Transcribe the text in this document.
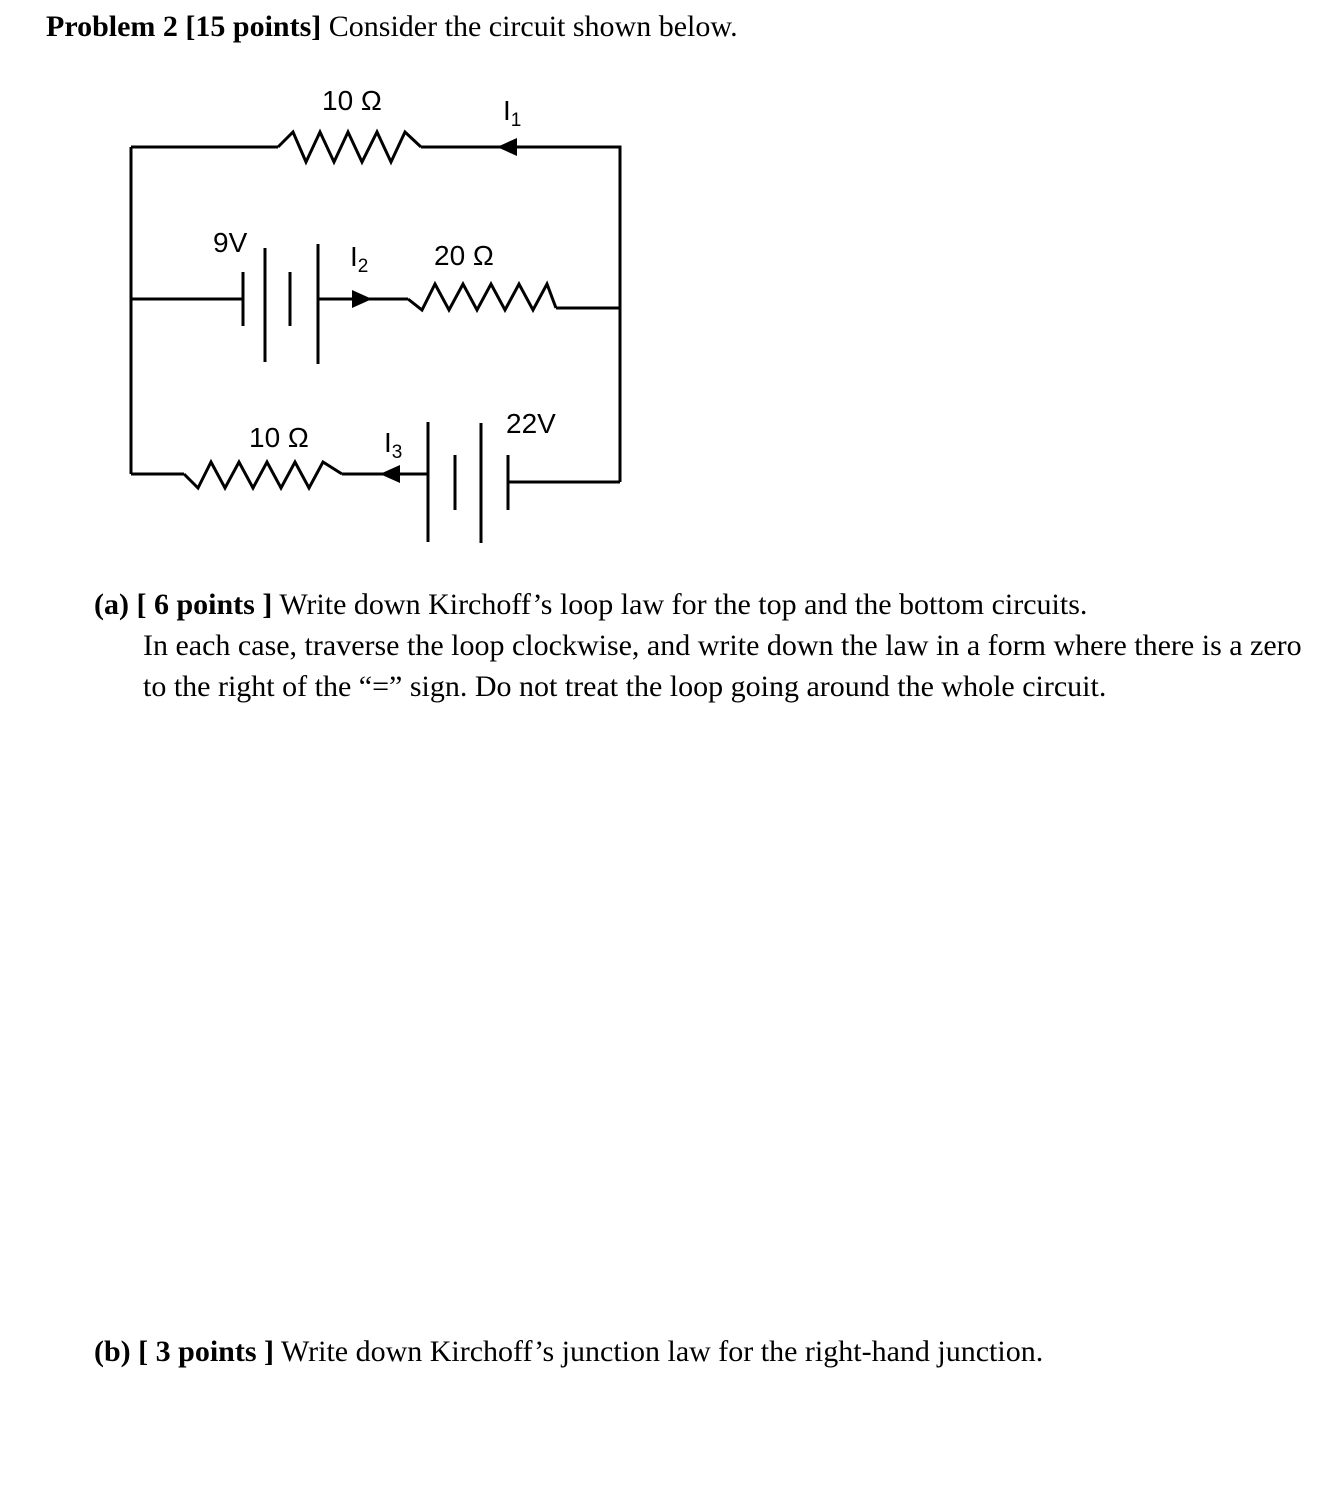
Problem 2 [15 points] Consider the circuit shown below.
10 Ω	I1
9V	I2 20 Ω
10 Ω	I3
22V
(a) [ 6 points ] Write down Kirchoff’s loop law for the top and the bottom circuits.
In each case, traverse the loop clockwise, and write down the law in a form where there is a zero to the right of the “=” sign. Do not treat the loop going around the whole circuit.
(b) [ 3 points ] Write down Kirchoff’s junction law for the right-hand junction.
